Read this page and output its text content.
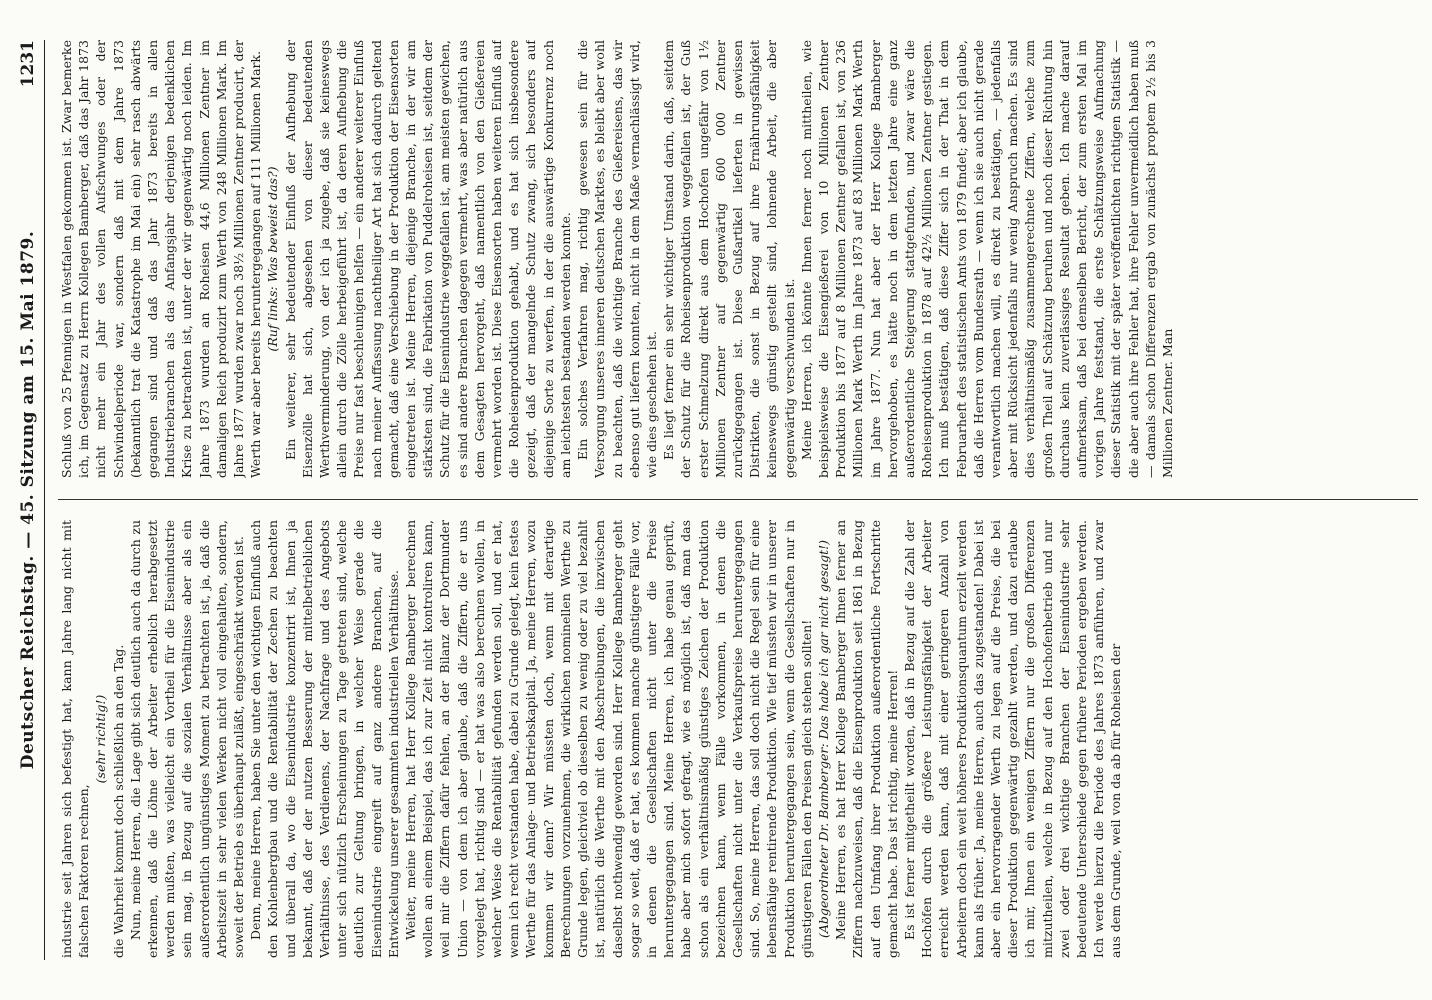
Deutscher Reichstag. — 45. Sitzung am 15. Mai 1879.
1231

industrie seit Jahren sich befestigt hat, kann Jahre lang nicht mit falschen Faktoren rechnen,

(sehr richtig!) die Wahrheit kommt doch schließlich an den Tag. Nun, meine Herren, die Lage gibt sich deutlich auch da durch zu erkennen, daß die Löhne der Arbeiter erheblich herabgesetzt werden mußten, was vielleicht ein Vortheil für die Eisenindustrie sein mag, in Bezug auf die sozialen Verhältnisse aber als ein außerordentlich ungünstiges Moment zu betrachten ist, ja, daß die Arbeitszeit in sehr vielen Werken nicht voll eingehalten, sondern, soweit der Betrieb es überhaupt zuläßt, eingeschränkt worden ist. Denn, meine Herren, haben Sie unter den wichtigen Einfluß auch den Kohlenbergbau und die Rentabilität der Zechen zu beachten und überall da, wo die Eisenindustrie konzentrirt ist, Ihnen ja bekannt, daß der der nutzen Besserung der mittelbetrieblichen Verhältnisse, des Verdienens, der Nachfrage und des Angebots unter sich nützlich Erscheinungen zu Tage getreten sind, welche deutlich zur Geltung bringen, in welcher Weise gerade die Eisenindustrie eingreift auf ganz andere Branchen, auf die Entwickelung unserer gesammten industriellen Verhältnisse. Weiter, meine Herren, hat Herr Kollege Bamberger berechnen wollen an einem Beispiel, das ich zur Zeit nicht kontroliren kann, weil mir die Ziffern dafür fehlen, an der Bilanz der Dortmunder Union — von dem ich aber glaube, daß die Ziffern, die er uns vorgelegt hat, richtig sind — er hat was also berechnen wollen, in welcher Weise die Rentabilität gefunden werden soll, und er hat, wenn ich recht verstanden habe, dabei zu Grunde gelegt, kein festes Werthe für das Anlage- und Betriebskapital. Ja, meine Herren, wozu kommen wir denn? Wir müssten doch, wenn mit derartige Berechnungen vorzunehmen, die wirklichen nominellen Werthe zu Grunde legen, gleichviel ob dieselben zu wenig oder zu viel bezahlt ist, natürlich die Werthe mit den Abschreibungen, die inzwischen daselbst nothwendig geworden sind. Herr Kollege Bamberger geht sogar so weit, daß er hat, es kommen manche günstigere Fälle vor, in denen die Gesellschaften nicht unter die Preise heruntergegangen sind. Meine Herren, ich habe genau geprüft, habe aber mich sofort gefragt, wie es möglich ist, daß man das schon als ein verhältnismäßig günstiges Zeichen der Produktion bezeichnen kann, wenn Fälle vorkommen, in denen die Gesellschaften nicht unter die Verkaufspreise heruntergegangen sind. So, meine Herren, das soll doch nicht die Regel sein für eine lebensfähige rentirende Produktion. Wie tief müssten wir in unserer Produktion heruntergegangen sein, wenn die Gesellschaften nur in günstigeren Fällen den Preisen gleich stehen sollten! (Abgeordneter Dr. Bamberger: Das habe ich gar nicht gesagt!) Meine Herren, es hat Herr Kollege Bamberger Ihnen ferner an Ziffern nachzuweisen, daß die Eisenproduktion seit 1861 in Bezug auf den Umfang ihrer Produktion außerordentliche Fortschritte gemacht habe. Das ist richtig, meine Herren! Es ist ferner mitgetheilt worden, daß in Bezug auf die Zahl der Hochöfen durch die größere Leistungsfähigkeit der Arbeiter erreicht werden kann, daß mit einer geringeren Anzahl von Arbeitern doch ein weit höheres Produktionsquantum erzielt werden kann als früher. Ja, meine Herren, auch das zugestanden! Dabei ist aber ein hervorragender Werth zu legen auf die Preise, die bei dieser Produktion gegenwärtig gezahlt werden, und dazu erlaube ich mir, Ihnen ein wenigen Ziffern nur die großen Differenzen mitzutheilen, welche in Bezug auf den Hochofenbetrieb und nur zwei oder drei wichtige Branchen der Eisenindustrie sehr bedeutende Unterschiede gegen frühere Perioden ergeben werden. Ich werde hierzu die Periode des Jahres 1873 anführen, und zwar aus dem Grunde, weil von da ab für Roheisen der

Schluß von 25 Pfennigen in Westfalen gekommen ist. Zwar bemerke ich, im Gegensatz zu Herrn Kollegen Bamberger, daß das Jahr 1873 nicht mehr ein Jahr des vollen Aufschwunges oder der Schwindelperiode war, sondern daß mit dem Jahre 1873 (bekanntlich trat die Katastrophe im Mai ein) sehr rasch abwärts gegangen sind und daß das Jahr 1873 bereits in allen Industriebranchen als das Anfangsjahr derjenigen bedenklichen Krise zu betrachten ist, unter der wir gegenwärtig noch leiden. Im Jahre 1873 wurden an Roheisen 44,6 Millionen Zentner im damaligen Reich produzirt zum Werth von 248 Millionen Mark. Im Jahre 1877 wurden zwar noch 38½ Millionen Zentner producirt, der Werth war aber bereits heruntergegangen auf 111 Millionen Mark. (Ruf links: Was beweist das?) Ein weiterer, sehr bedeutender Einfluß der Aufhebung der Eisenzölle hat sich, abgesehen von dieser bedeutenden Werthverminderung, von der ich ja zugebe, daß sie keineswegs allein durch die Zölle herbeigeführt ist, da deren Aufhebung die Preise nur fast beschleunigen helfen — ein anderer weiterer Einfluß nach meiner Auffassung nachtheiliger Art hat sich dadurch geltend gemacht, daß eine Verschiebung in der Produktion der Eisensorten eingetreten ist. Meine Herren, diejenige Branche, in der wir am stärksten sind, die Fabrikation von Puddelroheisen ist, seitdem der Schutz für die Eisenindustrie weggefallen ist, am meisten gewichen, es sind andere Branchen dagegen vermehrt, was aber natürlich aus dem Gesagten hervorgeht, daß namentlich von den Gießereien vermehrt worden ist. Diese Eisensorten haben weiteren Einfluß auf die Roheisenproduktion gehabt, und es hat sich insbesondere gezeigt, daß der mangelnde Schutz zwang, sich besonders auf diejenige Sorte zu werfen, in der die auswärtige Konkurrenz noch am leichtesten bestanden werden konnte. Ein solches Verfahren mag, richtig gewesen sein für die Versorgung unseres inneren deutschen Marktes, es bleibt aber wohl zu beachten, daß die wichtige Branche des Gießereisens, das wir ebenso gut liefern konnten, nicht in dem Maße vernachlässigt wird, wie dies geschehen ist. Es liegt ferner ein sehr wichtiger Umstand darin, daß, seitdem der Schutz für die Roheisenproduktion weggefallen ist, der Guß erster Schmelzung direkt aus dem Hochofen ungefähr von 1½ Millionen Zentner auf gegenwärtig 600 000 Zentner zurückgegangen ist. Diese Gußartikel lieferten in gewissen Distrikten, die sonst in Bezug auf ihre Ernährungsfähigkeit keineswegs günstig gestellt sind, lohnende Arbeit, die aber gegenwärtig verschwunden ist. Meine Herren, ich könnte Ihnen ferner noch mittheilen, wie beispielsweise die Eisengießerei von 10 Millionen Zentner Produktion bis 1877 auf 8 Millionen Zentner gefallen ist, von 236 Millionen Mark Werth im Jahre 1873 auf 83 Millionen Mark Werth im Jahre 1877. Nun hat aber der Herr Kollege Bamberger hervorgehoben, es hätte noch in dem letzten Jahre eine ganz außerordentliche Steigerung stattgefunden, und zwar wäre die Roheisenproduktion in 1878 auf 42½ Millionen Zentner gestiegen. Ich muß bestätigen, daß diese Ziffer sich in der That in dem Februarheft des statistischen Amts von 1879 findet; aber ich glaube, daß die Herren vom Bundesrath — wenn ich sie auch nicht gerade verantwortlich machen will, es direkt zu bestätigen, — jedenfalls aber mit Rücksicht jedenfalls nur wenig Anspruch machen. Es sind dies verhältnismäßig zusammengerechnete Ziffern, welche zum großen Theil auf Schätzung beruhen und noch dieser Richtung hin durchaus kein zuverlässiges Resultat geben. Ich mache darauf aufmerksam, daß bei demselben Bericht, der zum ersten Mal im vorigen Jahre feststand, die erste Schätzungsweise Aufmachung dieser Statistik mit der später veröffentlichten richtigen Statistik — die aber auch ihre Fehler hat, ihre Fehler unvermeidlich haben muß — damals schon Differenzen ergab von zunächst proptem 2½ bis 3 Millionen Zentner. Man
